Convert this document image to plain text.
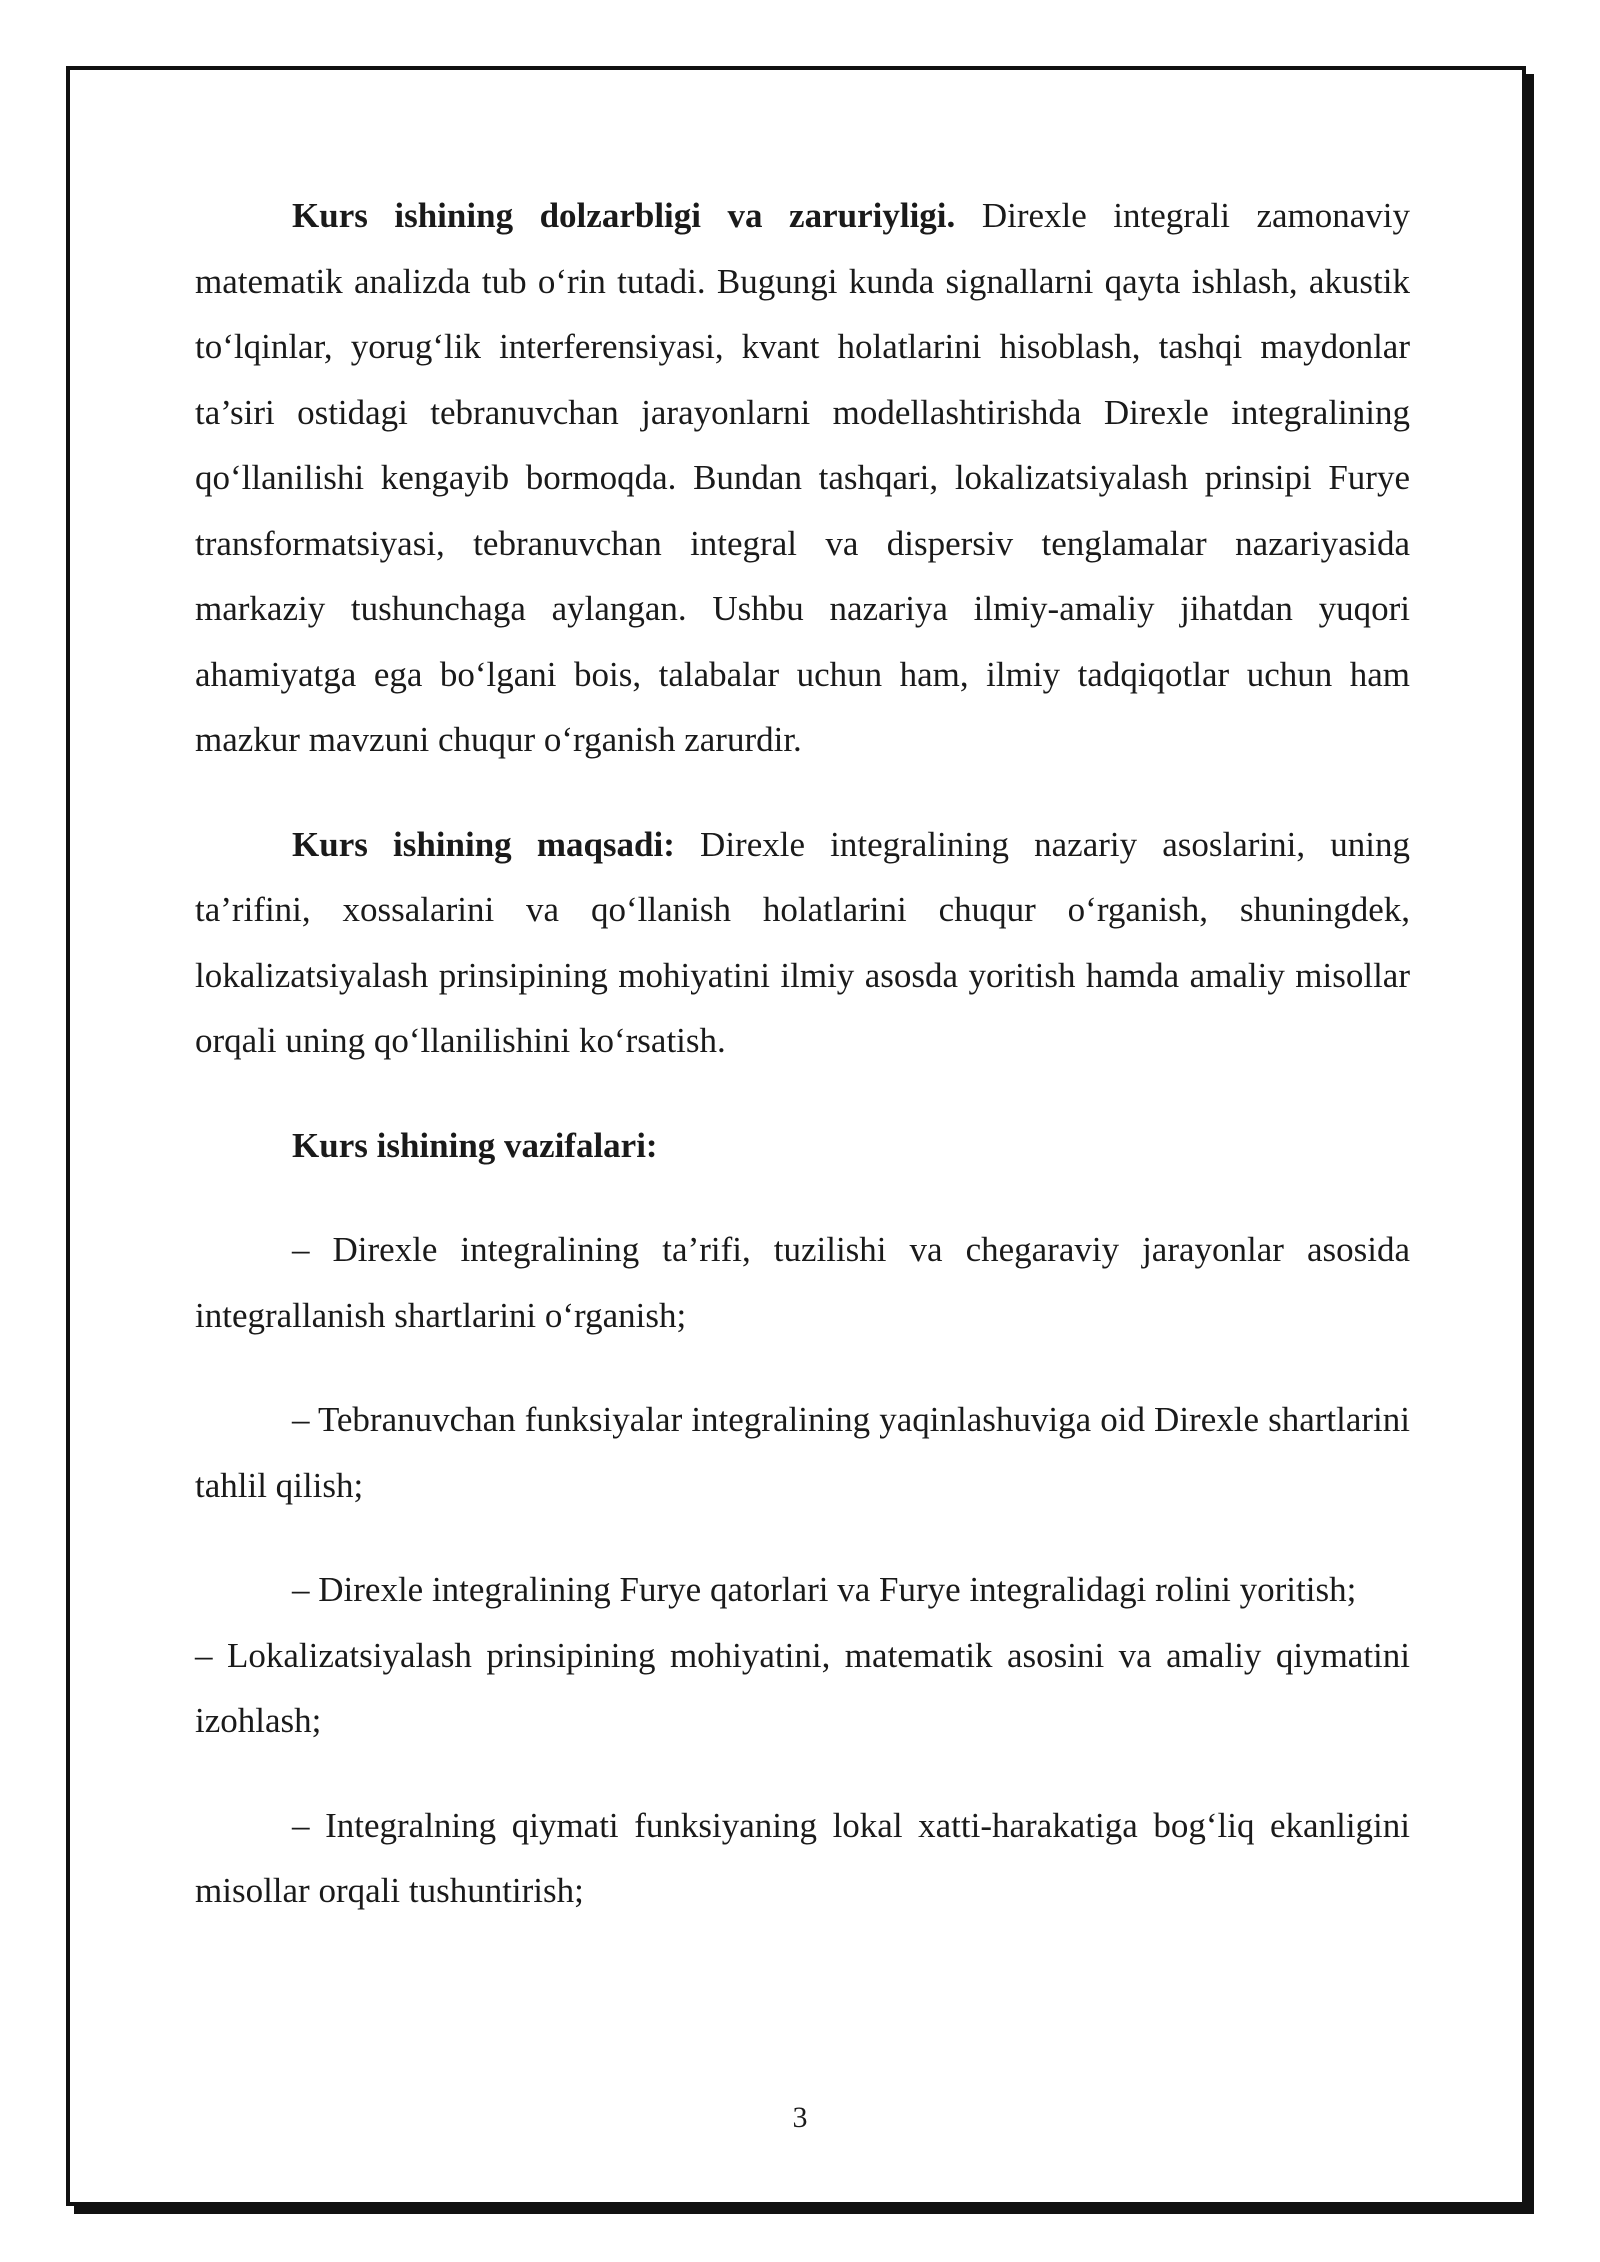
Kurs ishining dolzarbligi va zaruriyligi. Direxle integrali zamonaviy matematik analizda tub o‘rin tutadi. Bugungi kunda signallarni qayta ishlash, akustik to‘lqinlar, yorug‘lik interferensiyasi, kvant holatlarini hisoblash, tashqi maydonlar ta’siri ostidagi tebranuvchan jarayonlarni modellashtirishda Direxle integralining qo‘llanilishi kengayib bormoqda. Bundan tashqari, lokalizatsiyalash prinsipi Furye transformatsiyasi, tebranuvchan integral va dispersiv tenglamalar nazariyasida markaziy tushunchaga aylangan. Ushbu nazariya ilmiy-amaliy jihatdan yuqori ahamiyatga ega bo‘lgani bois, talabalar uchun ham, ilmiy tadqiqotlar uchun ham mazkur mavzuni chuqur o‘rganish zarurdir.

Kurs ishining maqsadi: Direxle integralining nazariy asoslarini, uning ta’rifini, xossalarini va qo‘llanish holatlarini chuqur o‘rganish, shuningdek, lokalizatsiyalash prinsipining mohiyatini ilmiy asosda yoritish hamda amaliy misollar orqali uning qo‘llanilishini ko‘rsatish.

Kurs ishining vazifalari:

– Direxle integralining ta’rifi, tuzilishi va chegaraviy jarayonlar asosida integrallanish shartlarini o‘rganish;

– Tebranuvchan funksiyalar integralining yaqinlashuviga oid Direxle shartlarini tahlil qilish;

– Direxle integralining Furye qatorlari va Furye integralidagi rolini yoritish;

– Lokalizatsiyalash prinsipining mohiyatini, matematik asosini va amaliy qiymatini izohlash;

– Integralning qiymati funksiyaning lokal xatti-harakatiga bog‘liq ekanligini misollar orqali tushuntirish;

3
